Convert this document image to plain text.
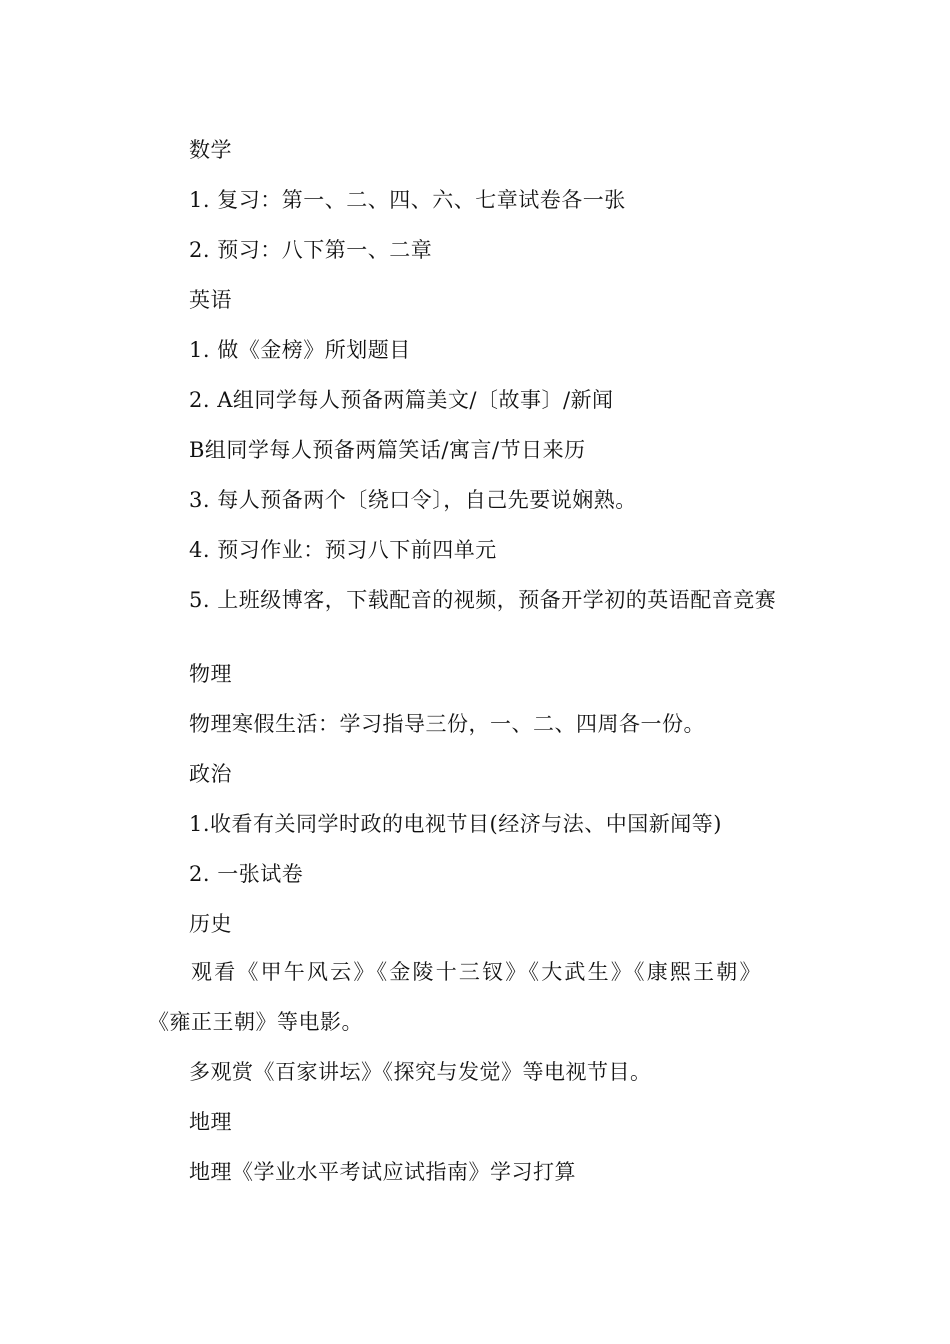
数学
1. 复习：第一、二、四、六、七章试卷各一张
2. 预习：八下第一、二章
英语
1. 做《金榜》所划题目
2. A组同学每人预备两篇美文/〔故事〕/新闻
B组同学每人预备两篇笑话/寓言/节日来历
3. 每人预备两个〔绕口令〕，自己先要说娴熟。
4. 预习作业：预习八下前四单元
5. 上班级博客，下载配音的视频，预备开学初的英语配音竞赛
物理
物理寒假生活：学习指导三份，一、二、四周各一份。
政治
1.收看有关同学时政的电视节目(经济与法、中国新闻等)
2. 一张试卷
历史
观看《甲午风云》《金陵十三钗》《大武生》《康熙王朝》
《雍正王朝》等电影。
多观赏《百家讲坛》《探究与发觉》等电视节目。
地理
地理《学业水平考试应试指南》学习打算
